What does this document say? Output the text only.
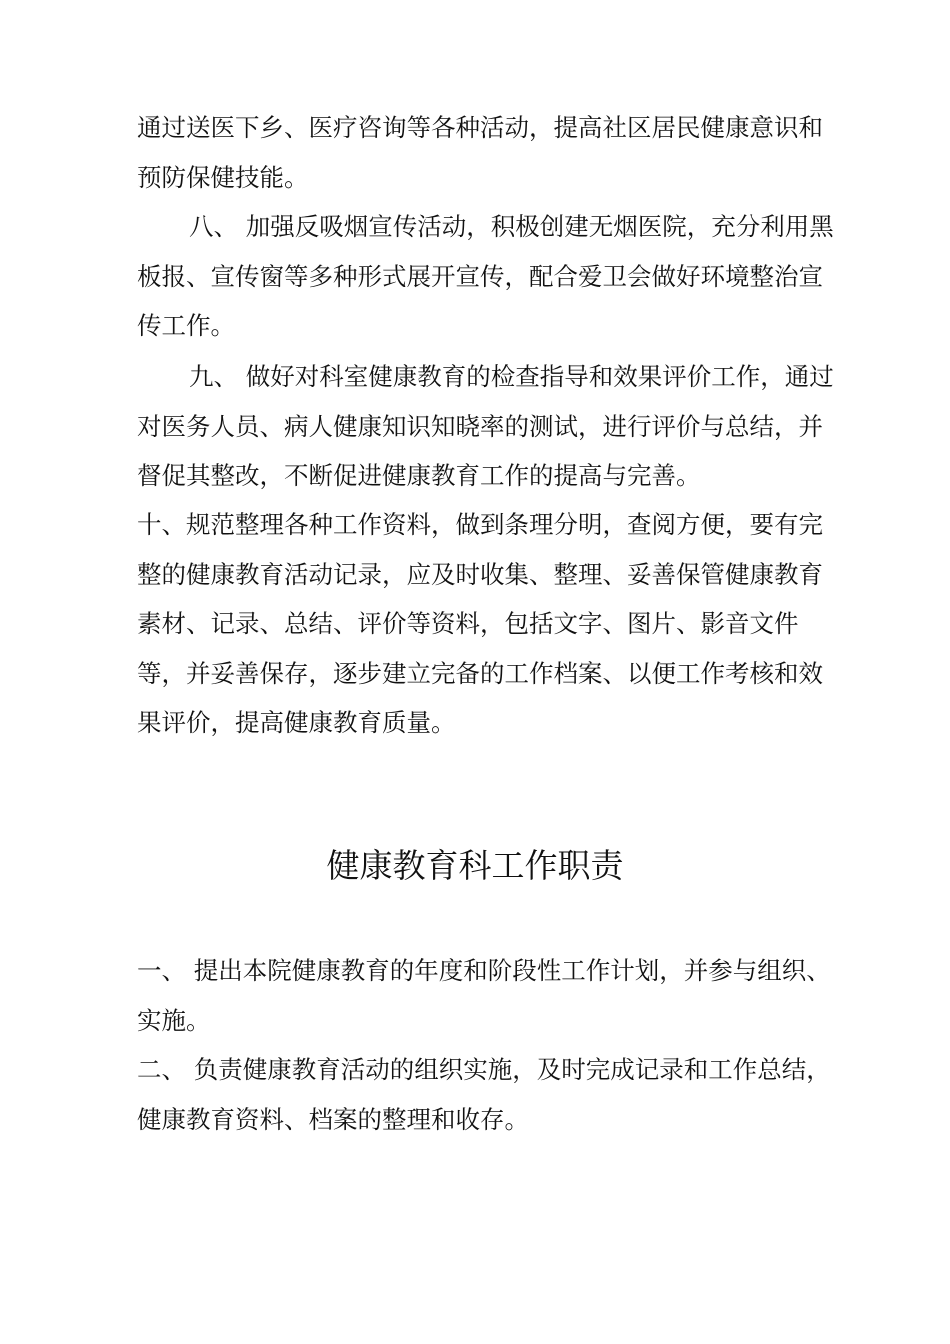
通过送医下乡、医疗咨询等各种活动，提高社区居民健康意识和预防保健技能。

八、 加强反吸烟宣传活动，积极创建无烟医院，充分利用黑板报、宣传窗等多种形式展开宣传，配合爱卫会做好环境整治宣传工作。

九、 做好对科室健康教育的检查指导和效果评价工作，通过对医务人员、病人健康知识知晓率的测试，进行评价与总结，并督促其整改，不断促进健康教育工作的提高与完善。

十、规范整理各种工作资料，做到条理分明，查阅方便，要有完整的健康教育活动记录，应及时收集、整理、妥善保管健康教育素材、记录、总结、评价等资料，包括文字、图片、影音文件等，并妥善保存，逐步建立完备的工作档案、以便工作考核和效果评价，提高健康教育质量。

健康教育科工作职责

一、 提出本院健康教育的年度和阶段性工作计划，并参与组织、实施。

二、 负责健康教育活动的组织实施，及时完成记录和工作总结，健康教育资料、档案的整理和收存。
